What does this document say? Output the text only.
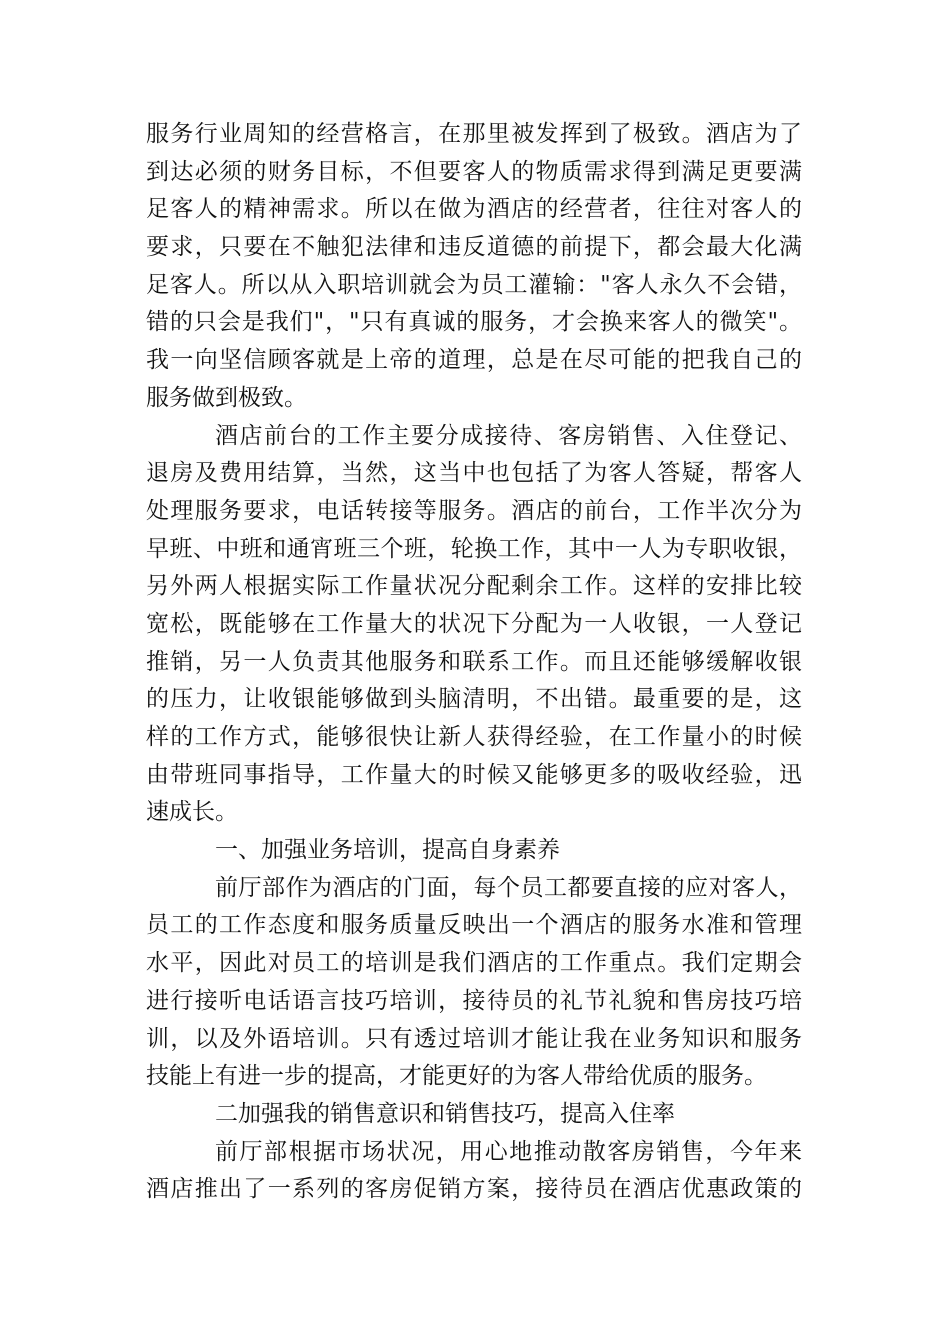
服务行业周知的经营格言，在那里被发挥到了极致。酒店为了
到达必须的财务目标，不但要客人的物质需求得到满足更要满
足客人的精神需求。所以在做为酒店的经营者，往往对客人的
要求，只要在不触犯法律和违反道德的前提下，都会最大化满
足客人。所以从入职培训就会为员工灌输："客人永久不会错，
错的只会是我们"，"只有真诚的服务，才会换来客人的微笑"。
我一向坚信顾客就是上帝的道理，总是在尽可能的把我自己的
服务做到极致。
酒店前台的工作主要分成接待、客房销售、入住登记、
退房及费用结算，当然，这当中也包括了为客人答疑，帮客人
处理服务要求，电话转接等服务。酒店的前台，工作半次分为
早班、中班和通宵班三个班，轮换工作，其中一人为专职收银，
另外两人根据实际工作量状况分配剩余工作。这样的安排比较
宽松，既能够在工作量大的状况下分配为一人收银，一人登记
推销，另一人负责其他服务和联系工作。而且还能够缓解收银
的压力，让收银能够做到头脑清明，不出错。最重要的是，这
样的工作方式，能够很快让新人获得经验，在工作量小的时候
由带班同事指导，工作量大的时候又能够更多的吸收经验，迅
速成长。
一、加强业务培训，提高自身素养
前厅部作为酒店的门面，每个员工都要直接的应对客人，
员工的工作态度和服务质量反映出一个酒店的服务水准和管理
水平，因此对员工的培训是我们酒店的工作重点。我们定期会
进行接听电话语言技巧培训，接待员的礼节礼貌和售房技巧培
训，以及外语培训。只有透过培训才能让我在业务知识和服务
技能上有进一步的提高，才能更好的为客人带给优质的服务。
二加强我的销售意识和销售技巧，提高入住率
前厅部根据市场状况，用心地推动散客房销售，今年来
酒店推出了一系列的客房促销方案，接待员在酒店优惠政策的
